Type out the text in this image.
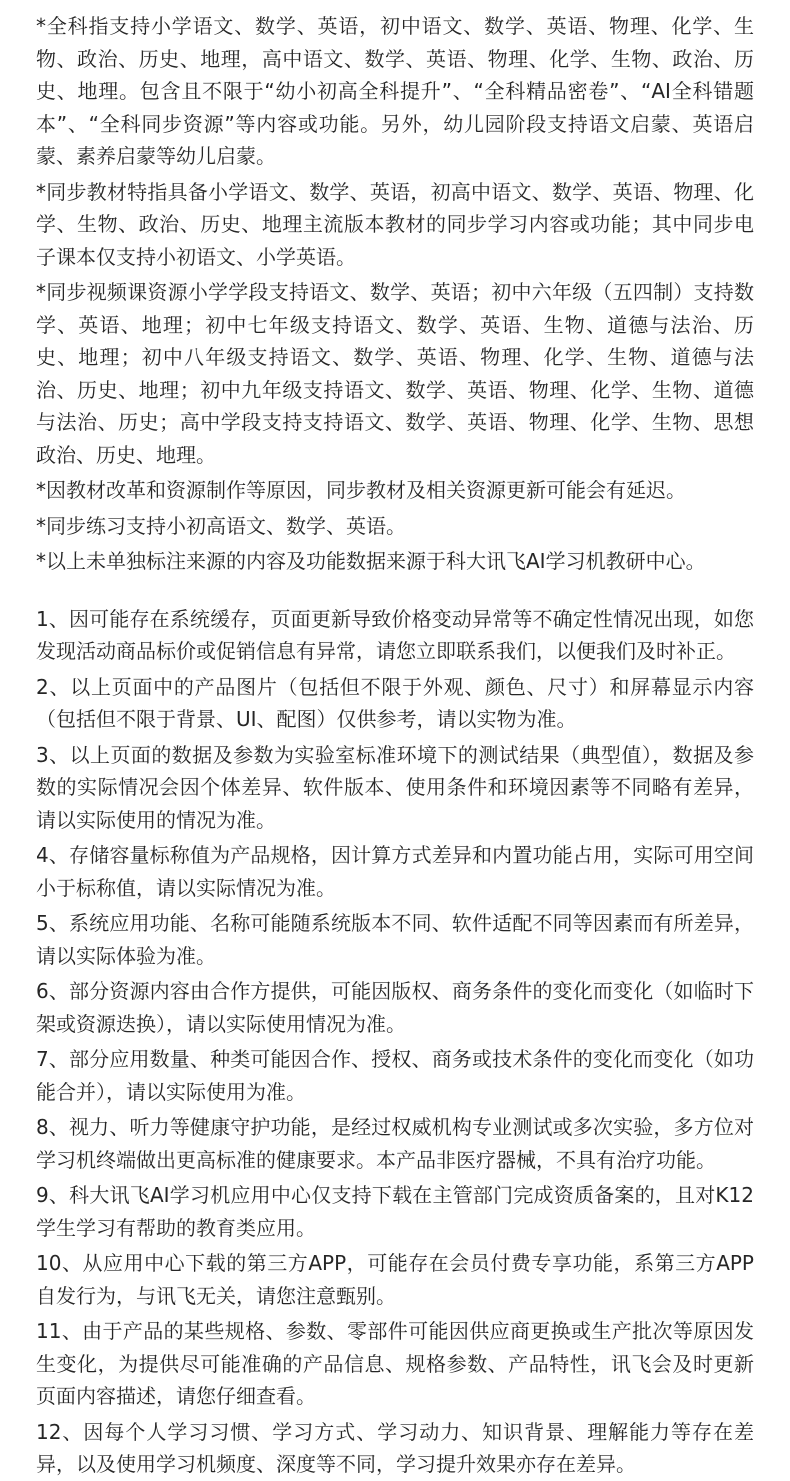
*全科指支持小学语文、数学、英语，初中语文、数学、英语、物理、化学、生物、政治、历史、地理，高中语文、数学、英语、物理、化学、生物、政治、历史、地理。包含且不限于“幼小初高全科提升”、“全科精品密卷”、“AI全科错题本”、“全科同步资源”等内容或功能。另外，幼儿园阶段支持语文启蒙、英语启蒙、素养启蒙等幼儿启蒙。

*同步教材特指具备小学语文、数学、英语，初高中语文、数学、英语、物理、化学、生物、政治、历史、地理主流版本教材的同步学习内容或功能；其中同步电子课本仅支持小初语文、小学英语。

*同步视频课资源小学学段支持语文、数学、英语；初中六年级（五四制）支持数学、英语、地理；初中七年级支持语文、数学、英语、生物、道德与法治、历史、地理；初中八年级支持语文、数学、英语、物理、化学、生物、道德与法治、历史、地理；初中九年级支持语文、数学、英语、物理、化学、生物、道德与法治、历史；高中学段支持支持语文、数学、英语、物理、化学、生物、思想政治、历史、地理。

*因教材改革和资源制作等原因，同步教材及相关资源更新可能会有延迟。

*同步练习支持小初高语文、数学、英语。

*以上未单独标注来源的内容及功能数据来源于科大讯飞AI学习机教研中心。

1、因可能存在系统缓存，页面更新导致价格变动异常等不确定性情况出现，如您发现活动商品标价或促销信息有异常，请您立即联系我们，以便我们及时补正。

2、以上页面中的产品图片（包括但不限于外观、颜色、尺寸）和屏幕显示内容（包括但不限于背景、UI、配图）仅供参考，请以实物为准。

3、以上页面的数据及参数为实验室标准环境下的测试结果（典型值），数据及参数的实际情况会因个体差异、软件版本、使用条件和环境因素等不同略有差异，请以实际使用的情况为准。

4、存储容量标称值为产品规格，因计算方式差异和内置功能占用，实际可用空间小于标称值，请以实际情况为准。

5、系统应用功能、名称可能随系统版本不同、软件适配不同等因素而有所差异，请以实际体验为准。

6、部分资源内容由合作方提供，可能因版权、商务条件的变化而变化（如临时下架或资源迭换），请以实际使用情况为准。

7、部分应用数量、种类可能因合作、授权、商务或技术条件的变化而变化（如功能合并），请以实际使用为准。

8、视力、听力等健康守护功能，是经过权威机构专业测试或多次实验，多方位对学习机终端做出更高标准的健康要求。本产品非医疗器械，不具有治疗功能。

9、科大讯飞AI学习机应用中心仅支持下载在主管部门完成资质备案的，且对K12学生学习有帮助的教育类应用。

10、从应用中心下载的第三方APP，可能存在会员付费专享功能，系第三方APP自发行为，与讯飞无关，请您注意甄别。

11、由于产品的某些规格、参数、零部件可能因供应商更换或生产批次等原因发生变化，为提供尽可能准确的产品信息、规格参数、产品特性，讯飞会及时更新页面内容描述，请您仔细查看。

12、因每个人学习习惯、学习方式、学习动力、知识背景、理解能力等存在差异，以及使用学习机频度、深度等不同，学习提升效果亦存在差异。
